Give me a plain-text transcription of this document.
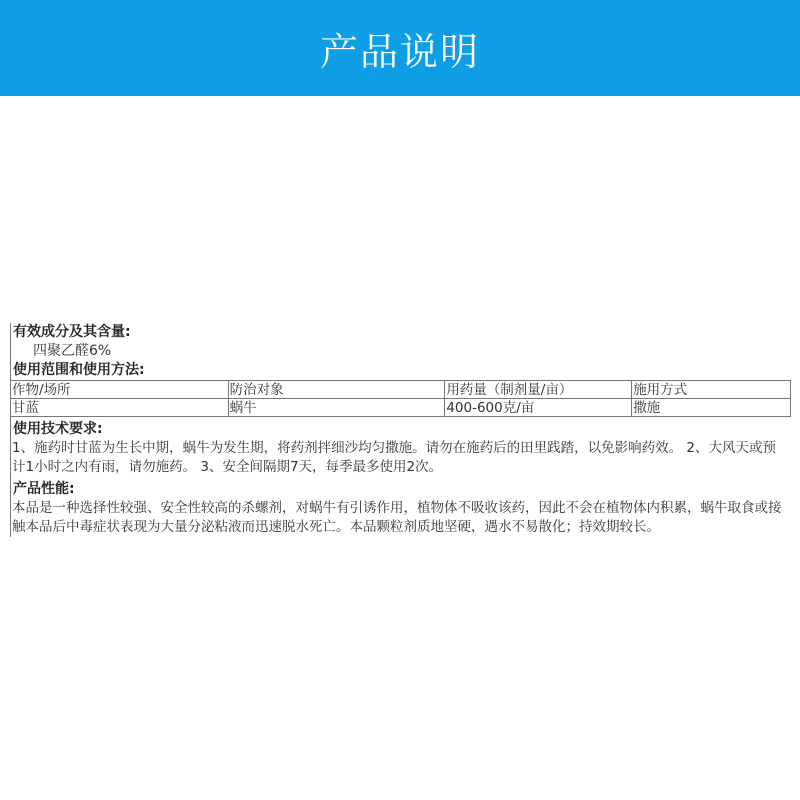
产品说明
有效成分及其含量:
四聚乙醛6%
使用范围和使用方法:
作物/场所	防治对象	用药量（制剂量/亩）	施用方式
甘蓝	蜗牛	400-600克/亩	撒施
使用技术要求:
1、施药时甘蓝为生长中期，蜗牛为发生期，将药剂拌细沙均匀撒施。请勿在施药后的田里践踏，以免影响药效。 2、大风天或预计1小时之内有雨，请勿施药。 3、安全间隔期7天，每季最多使用2次。
产品性能:
本品是一种选择性较强、安全性较高的杀螺剂，对蜗牛有引诱作用，植物体不吸收该药，因此不会在植物体内积累，蜗牛取食或接触本品后中毒症状表现为大量分泌粘液而迅速脱水死亡。本品颗粒剂质地坚硬，遇水不易散化；持效期较长。
